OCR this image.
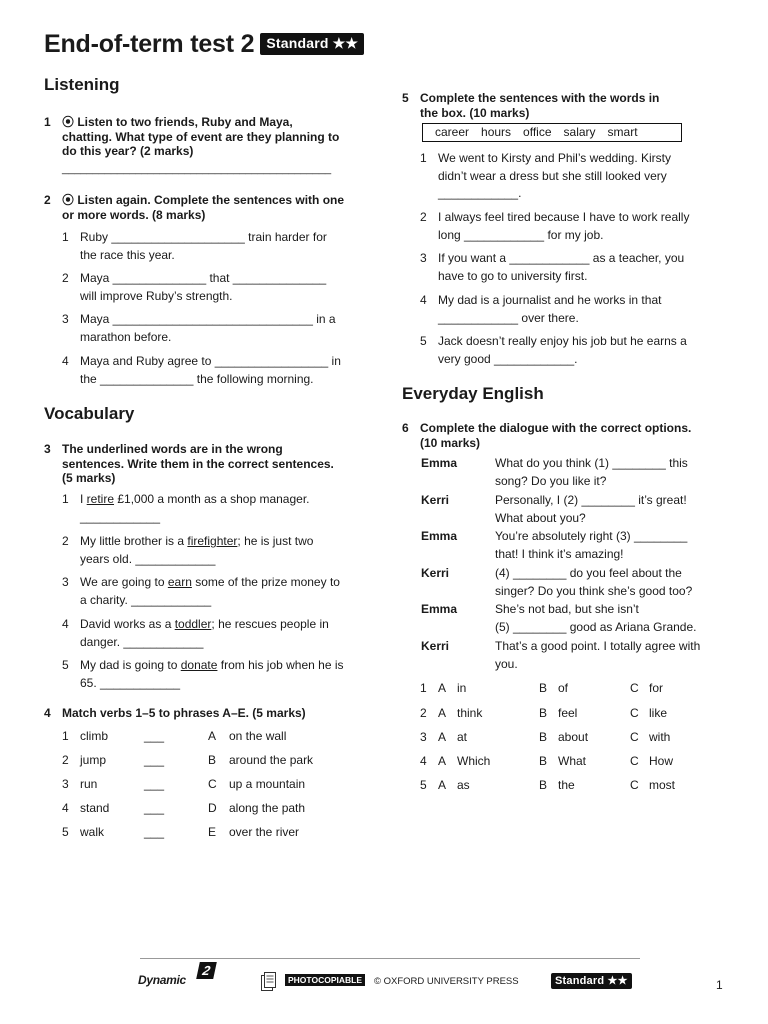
End-of-term test 2 Standard ★★
Listening
1 ⦿ Listen to two friends, Ruby and Maya,
chatting. What type of event are they planning to
do this year? (2 marks)
____________________________________________
2 ⦿ Listen again. Complete the sentences with one
or more words. (8 marks)
1 Ruby ____________________ train harder for
the race this year.
2 Maya ______________ that ______________
will improve Ruby’s strength.
3 Maya ______________________________ in a
marathon before.
4 Maya and Ruby agree to _________________ in
the ______________ the following morning.
Vocabulary
3 The underlined words are in the wrong
sentences. Write them in the correct sentences.
(5 marks)
1 I retire £1,000 a month as a shop manager.
____________
2 My little brother is a firefighter; he is just two
years old. ____________
3 We are going to earn some of the prize money to
a charity. ____________
4 David works as a toddler; he rescues people in
danger. ____________
5 My dad is going to donate from his job when he is
65. ____________
4 Match verbs 1–5 to phrases A–E. (5 marks)
1 climb	___	A on the wall
2 jump	___	B around the park
3 run	___	C up a mountain
4 stand	___	D along the path
5 walk	___	E over the river
5 Complete the sentences with the words in
the box. (10 marks)
career hours office salary smart
1 We went to Kirsty and Phil’s wedding. Kirsty
didn’t wear a dress but she still looked very
____________.
2 I always feel tired because I have to work really
long ____________ for my job.
3 If you want a ____________ as a teacher, you
have to go to university first.
4 My dad is a journalist and he works in that
____________ over there.
5 Jack doesn’t really enjoy his job but he earns a
very good ____________.
Everyday English
6 Complete the dialogue with the correct options.
(10 marks)
Emma	What do you think (1) ________ this
song? Do you like it?
Kerri	Personally, I (2) ________ it’s great!
What about you?
Emma	You’re absolutely right (3) ________
that! I think it’s amazing!
Kerri	(4) ________ do you feel about the
singer? Do you think she’s good too?
Emma	She’s not bad, but she isn’t
(5) ________ good as Ariana Grande.
Kerri	That’s a good point. I totally agree with
you.
1 A in	B of	C for
2 A think	B feel	C like
3 A at	B about	C with
4 A Which	B What	C How
5 A as	B the	C most
Dynamic
2
PHOTOCOPIABLE	© OXFORD UNIVERSITY PRESS	Standard ★★	1
